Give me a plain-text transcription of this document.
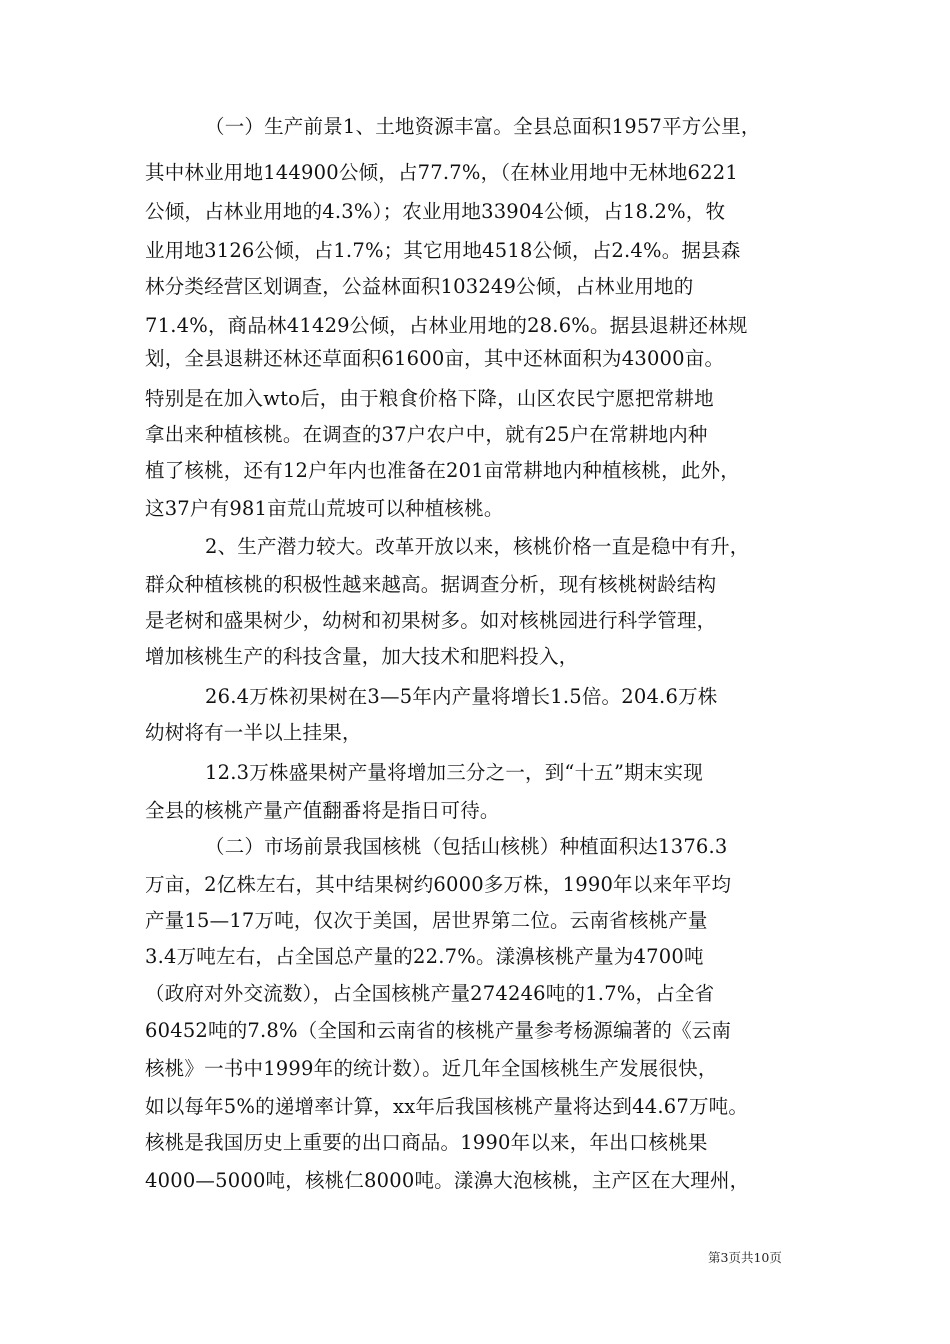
（一）生产前景1、土地资源丰富。全县总面积1957平方公里，
其中林业用地144900公倾，占77.7%，（在林业用地中无林地6221
公倾，占林业用地的4.3%）；农业用地33904公倾，占18.2%，牧
业用地3126公倾，占1.7%；其它用地4518公倾，占2.4%。据县森
林分类经营区划调查，公益林面积103249公倾，占林业用地的
71.4%，商品林41429公倾，占林业用地的28.6%。据县退耕还林规
划，全县退耕还林还草面积61600亩，其中还林面积为43000亩。
特别是在加入wto后，由于粮食价格下降，山区农民宁愿把常耕地
拿出来种植核桃。在调查的37户农户中，就有25户在常耕地内种
植了核桃，还有12户年内也准备在201亩常耕地内种植核桃，此外，
这37户有981亩荒山荒坡可以种植核桃。
2、生产潜力较大。改革开放以来，核桃价格一直是稳中有升，
群众种植核桃的积极性越来越高。据调查分析，现有核桃树龄结构
是老树和盛果树少，幼树和初果树多。如对核桃园进行科学管理，
增加核桃生产的科技含量，加大技术和肥料投入，
26.4万株初果树在3—5年内产量将增长1.5倍。204.6万株
幼树将有一半以上挂果，
12.3万株盛果树产量将增加三分之一，到“十五”期末实现
全县的核桃产量产值翻番将是指日可待。
（二）市场前景我国核桃（包括山核桃）种植面积达1376.3
万亩，2亿株左右，其中结果树约6000多万株，1990年以来年平均
产量15—17万吨，仅次于美国，居世界第二位。云南省核桃产量
3.4万吨左右，占全国总产量的22.7%。漾濞核桃产量为4700吨
（政府对外交流数），占全国核桃产量274246吨的1.7%，占全省
60452吨的7.8%（全国和云南省的核桃产量参考杨源编著的《云南
核桃》一书中1999年的统计数）。近几年全国核桃生产发展很快，
如以每年5%的递增率计算，xx年后我国核桃产量将达到44.67万吨。
核桃是我国历史上重要的出口商品。1990年以来，年出口核桃果
4000—5000吨，核桃仁8000吨。漾濞大泡核桃，主产区在大理州，
第3页共10页
